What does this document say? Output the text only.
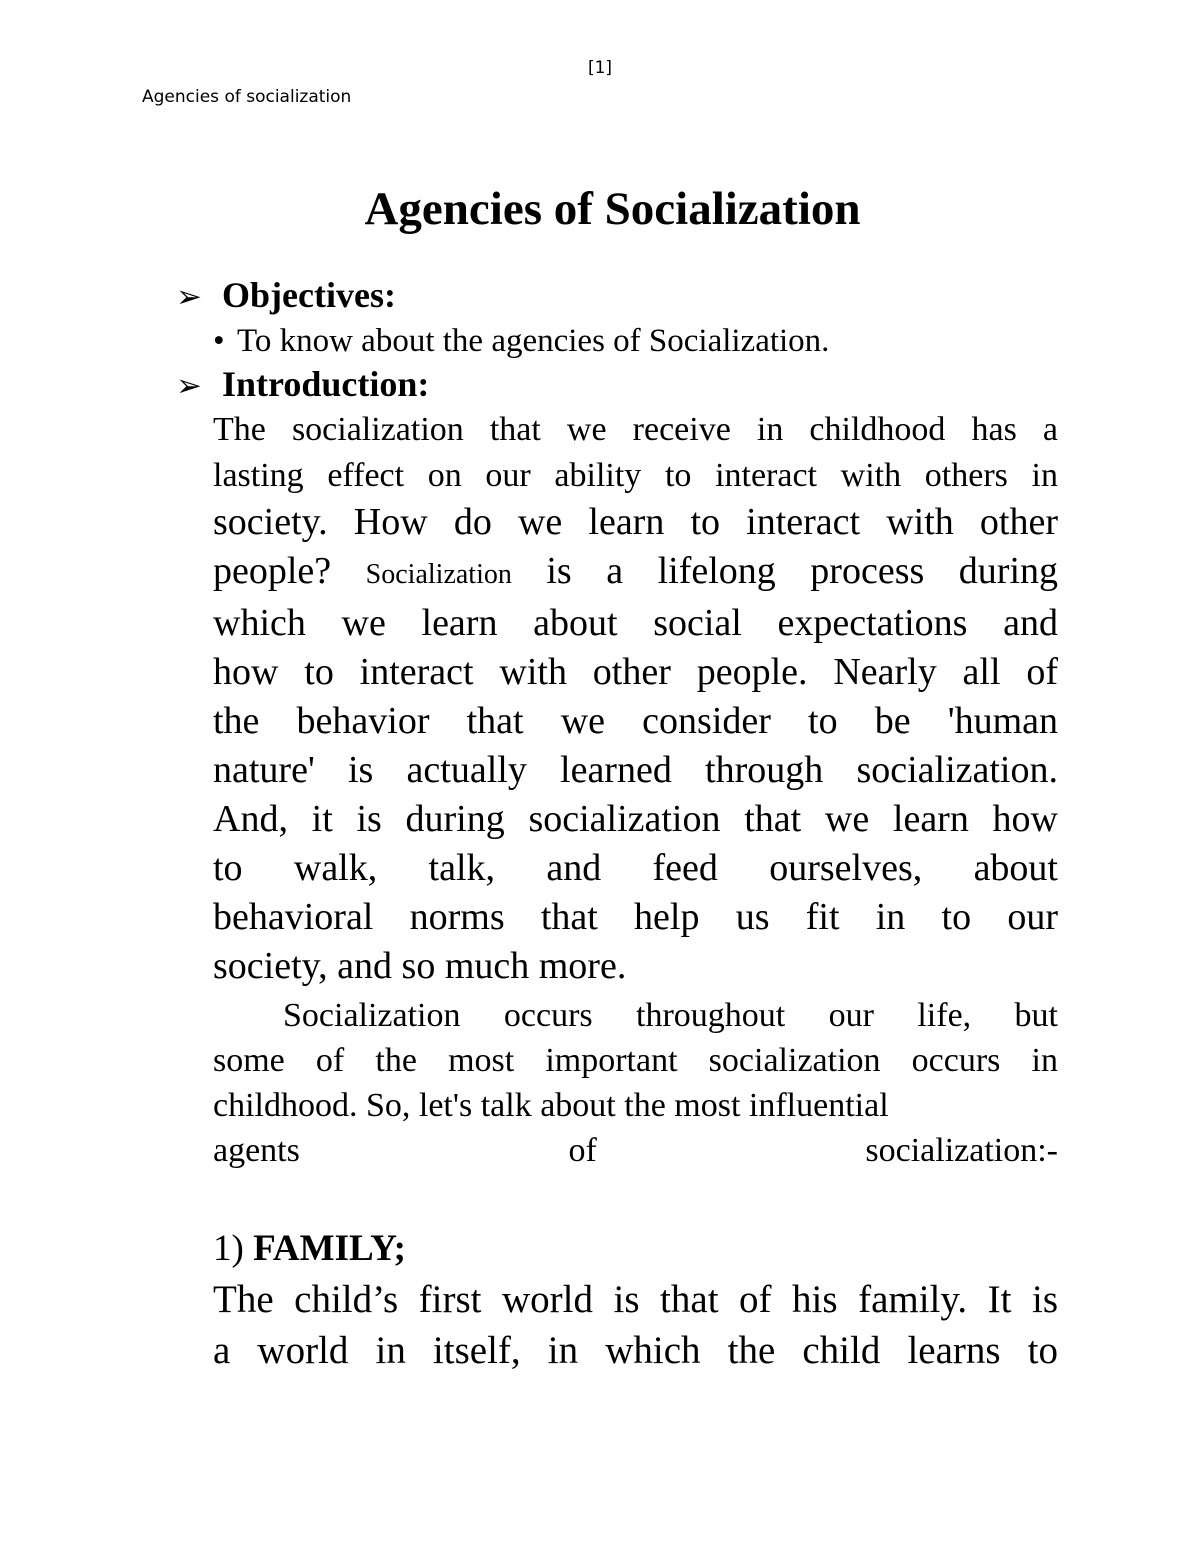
[1]
Agencies of socialization
Agencies of Socialization
➢ Objectives:
• To know about the agencies of Socialization.
➢ Introduction:
The socialization that we receive in childhood has a
lasting effect on our ability to interact with others in
society. How do we learn to interact with other
people? Socialization is a lifelong process during
which we learn about social expectations and
how to interact with other people. Nearly all of
the behavior that we consider to be 'human
nature' is actually learned through socialization.
And, it is during socialization that we learn how
to walk, talk, and feed ourselves, about
behavioral norms that help us fit in to our
society, and so much more.
Socialization occurs throughout our life, but
some of the most important socialization occurs in
childhood. So, let's talk about the most influential
agents of socialization:-
1) FAMILY;
The child’s first world is that of his family. It is
a world in itself, in which the child learns to
